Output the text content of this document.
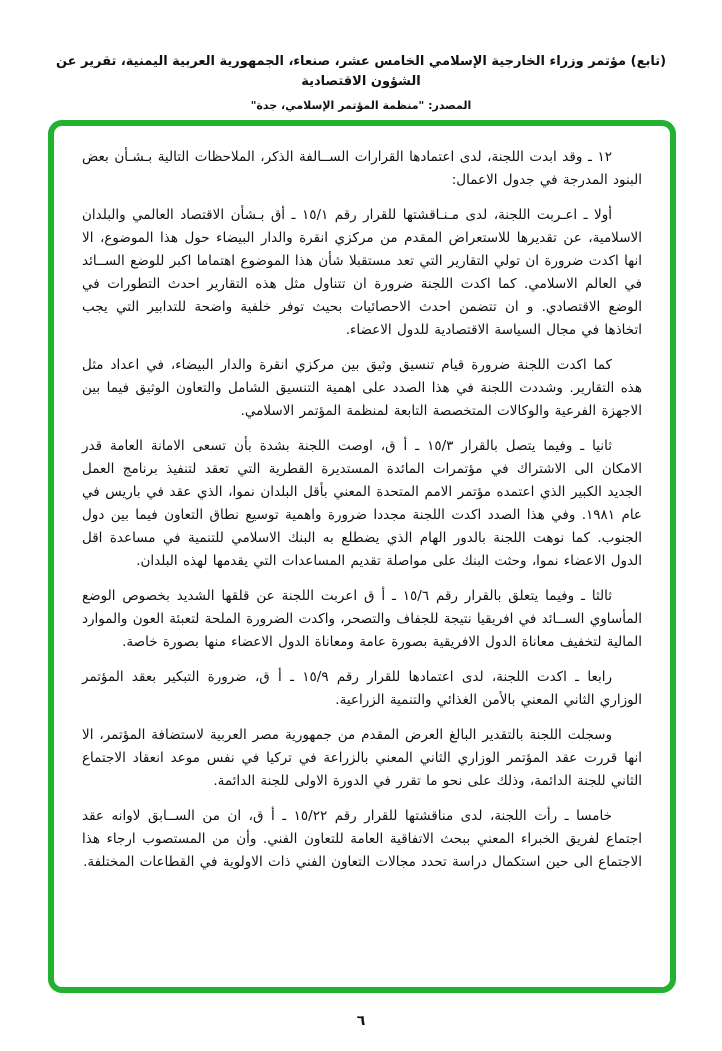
(تابع) مؤتمر وزراء الخارجية الإسلامي الخامس عشر، صنعاء، الجمهورية العربية اليمنية، تقرير عن الشؤون الاقتصادية
المصدر: "منظمة المؤتمر الإسلامي، جدة"

١٢ ـ وقد ابدت اللجنة، لدى اعتمادها القرارات الســالفة الذكر، الملاحظات التالية بـشـأن بعض البنود المدرجة في جدول الاعمال:

أولا ـ اعـربت اللجنة، لدى مـنـاقشتها للقرار رقم ١٥/١ ـ أق بـشأن الاقتصاد العالمي والبلدان الاسلامية، عن تقديرها للاستعراض المقدم من مركزي انقرة والدار البيضاء حول هذا الموضوع، الا انها اكدت ضرورة ان تولي التقارير التي تعد مستقبلا شأن هذا الموضوع اهتماما اكبر للوضع الســائد في العالم الاسلامي. كما اكدت اللجنة ضرورة ان تتناول مثل هذه التقارير احدث التطورات في الوضع الاقتصادي. و ان تتضمن احدث الاحصائيات بحيث توفر خلفية واضحة للتدابير التي يجب اتخاذها في مجال السياسة الاقتصادية للدول الاعضاء.

كما اكدت اللجنة ضرورة قيام تنسيق وثيق بين مركزي انقرة والدار البيضاء، في اعداد مثل هذه التقارير. وشددت اللجنة في هذا الصدد على اهمية التنسيق الشامل والتعاون الوثيق فيما بين الاجهزة الفرعية والوكالات المتخصصة التابعة لمنظمة المؤتمر الاسلامي.

ثانيا ـ وفيما يتصل بالقرار ١٥/٣ ـ أ ق، اوصت اللجنة بشدة بأن تسعى الامانة العامة قدر الامكان الى الاشتراك في مؤتمرات المائدة المستديرة القطرية التي تعقد لتنفيذ برنامج العمل الجديد الكبير الذي اعتمده مؤتمر الامم المتحدة المعني بأقل البلدان نموا، الذي عقد في باريس في عام ١٩٨١. وفي هذا الصدد اكدت اللجنة مجددا ضرورة واهمية توسيع نطاق التعاون فيما بين دول الجنوب. كما نوهت اللجنة بالدور الهام الذي يضطلع به البنك الاسلامي للتنمية في مساعدة اقل الدول الاعضاء نموا، وحثت البنك على مواصلة تقديم المساعدات التي يقدمها لهذه البلدان.

ثالثا ـ وفيما يتعلق بالقرار رقم ١٥/٦ ـ أ ق اعربت اللجنة عن قلقها الشديد بخصوص الوضع المأساوي الســائد في افريقيا نتيجة للجفاف والتصحر، واكدت الضرورة الملحة لتعبئة العون والموارد المالية لتخفيف معاناة الدول الافريقية بصورة عامة ومعاناة الدول الاعضاء منها بصورة خاصة.

رابعا ـ اكدت اللجنة، لدى اعتمادها للقرار رقم ١٥/٩ ـ أ ق، ضرورة التبكير بعقد المؤتمر الوزاري الثاني المعني بالأمن الغذائي والتنمية الزراعية.

وسجلت اللجنة بالتقدير البالغ العرض المقدم من جمهورية مصر العربية لاستضافة المؤتمر، الا انها قررت عقد المؤتمر الوزاري الثاني المعني بالزراعة في تركيا في نفس موعد انعقاد الاجتماع الثاني للجنة الدائمة، وذلك على نحو ما تقرر في الدورة الاولى للجنة الدائمة.

خامسا ـ رأت اللجنة، لدى مناقشتها للقرار رقم ١٥/٢٢ ـ أ ق، ان من الســابق لاوانه عقد اجتماع لفريق الخبراء المعني ببحث الاتفاقية العامة للتعاون الفني. وأن من المستصوب ارجاء هذا الاجتماع الى حين استكمال دراسة تحدد مجالات التعاون الفني ذات الاولوية في القطاعات المختلفة.

٦
